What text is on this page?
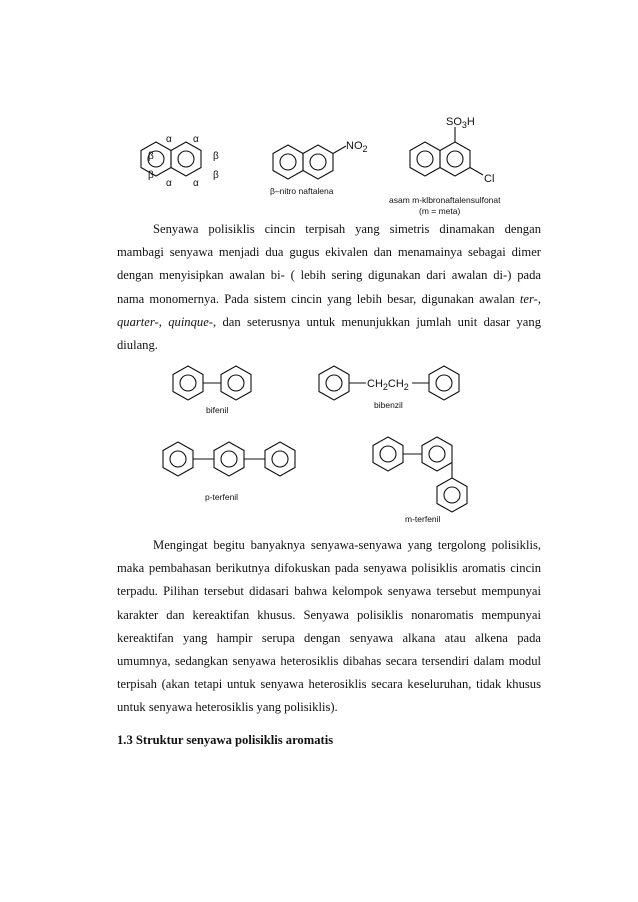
β
α α
β
β
α α
β
$NO_2$
β–nitro naftalena
$SO_3H$
Cl
asam m-klbronaftalensulfonat
(m = meta)
bifenil
$CH_2CH_2$
bibenzil
p-terfenil
m-terfenil

Senyawa polisiklis cincin terpisah yang simetris dinamakan dengan mambagi senyawa menjadi dua gugus ekivalen dan menamainya sebagai dimer dengan menyisipkan awalan bi- ( lebih sering digunakan dari awalan di-) pada nama monomernya. Pada sistem cincin yang lebih besar, digunakan awalan ter-, quarter-, quinque-, dan seterusnya untuk menunjukkan jumlah unit dasar yang diulang.

Mengingat begitu banyaknya senyawa-senyawa yang tergolong polisiklis, maka pembahasan berikutnya difokuskan pada senyawa polisiklis aromatis cincin terpadu. Pilihan tersebut didasari bahwa kelompok senyawa tersebut mempunyai karakter dan kereaktifan khusus. Senyawa polisiklis nonaromatis mempunyai kereaktifan yang hampir serupa dengan senyawa alkana atau alkena pada umumnya, sedangkan senyawa heterosiklis dibahas secara tersendiri dalam modul terpisah (akan tetapi untuk senyawa heterosiklis secara keseluruhan, tidak khusus untuk senyawa heterosiklis yang polisiklis).

1.3 Struktur senyawa polisiklis aromatis
